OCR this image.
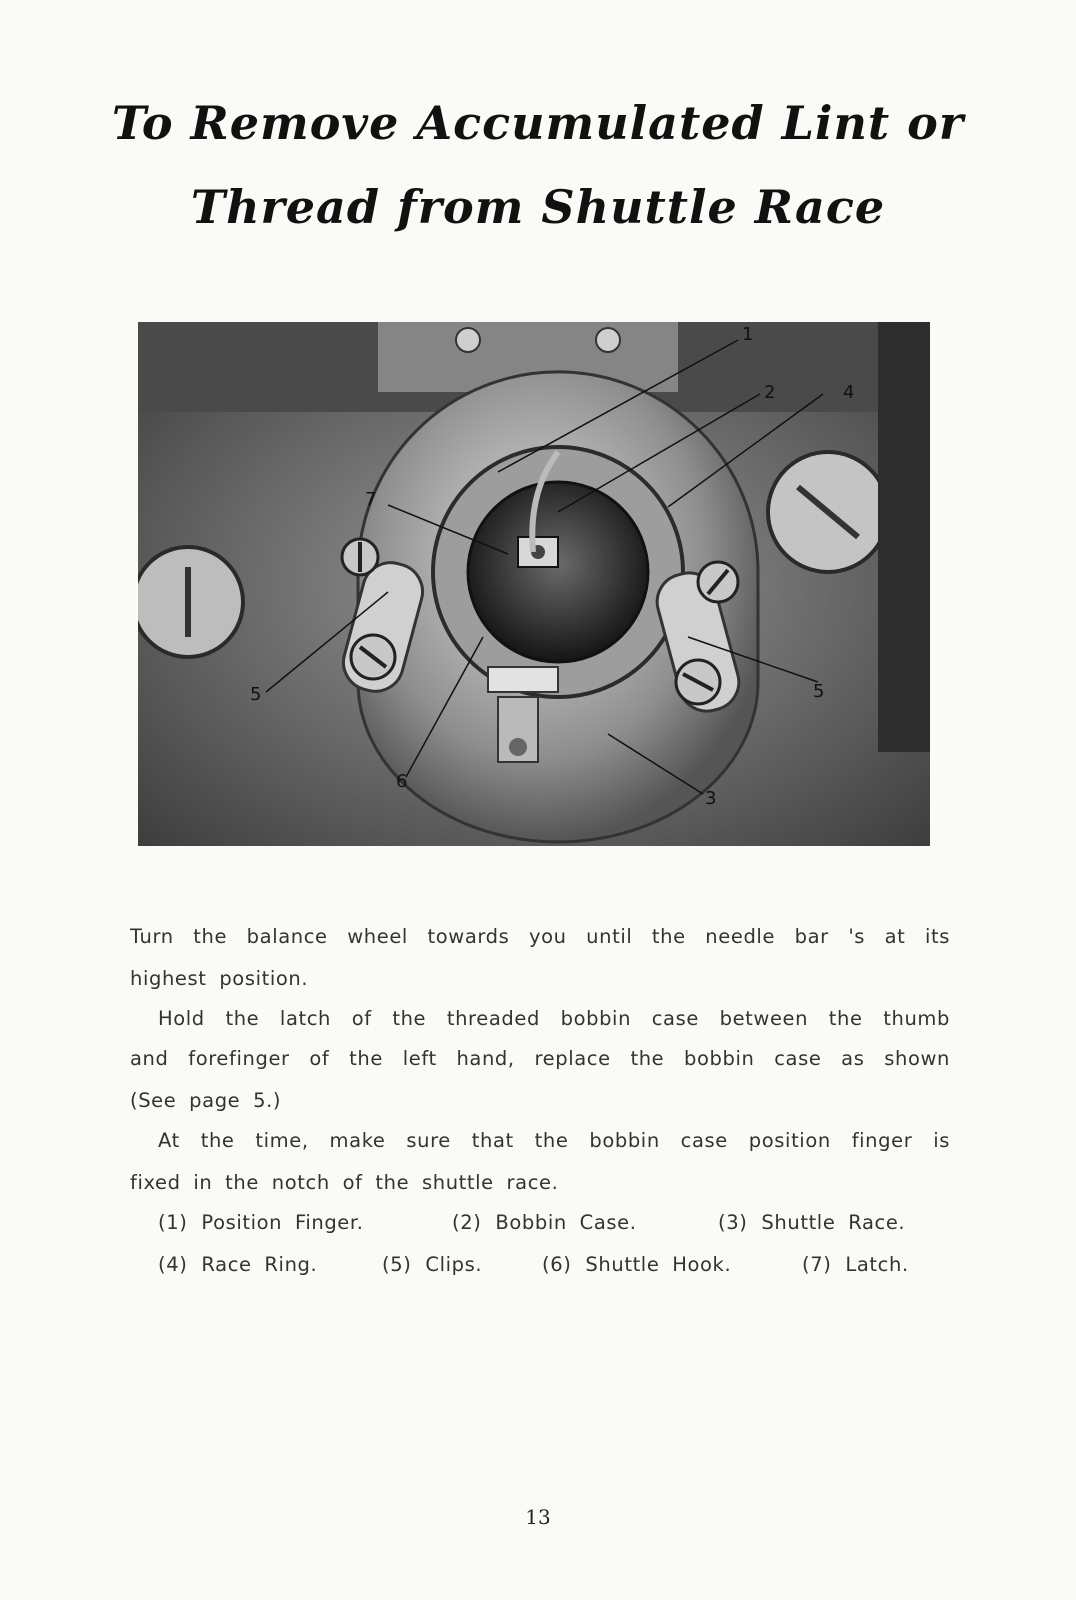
To Remove Accumulated Lint or
Thread from Shuttle Race
1
2	4
7
5	5
6
3
Turn the balance wheel towards you until the needle bar 's at its
highest position.
Hold the latch of the threaded bobbin case between the thumb
and forefinger of the left hand, replace the bobbin case as shown
(See page 5.)
At the time, make sure that the bobbin case position finger is
fixed in the notch of the shuttle race.
(1) Position Finger.	(2) Bobbin Case.	(3) Shuttle Race.
(4) Race Ring.	(5) Clips.	(6) Shuttle Hook.	(7) Latch.
13
